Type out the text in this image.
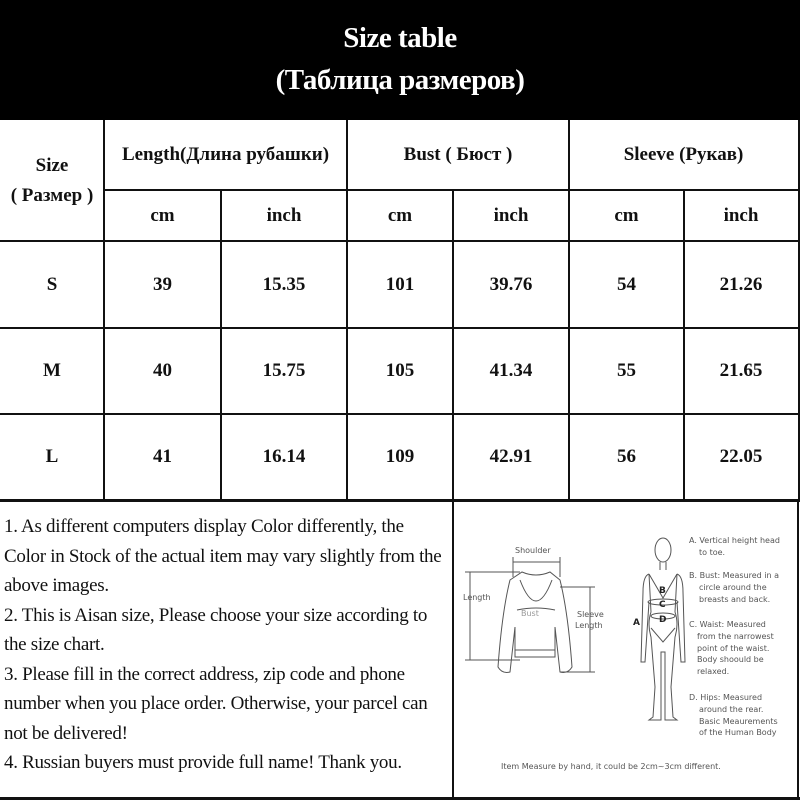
Size table
(Таблица размеров)
Size
( Размер )
Length(Длина рубашки)	Bust ( Бюст )	Sleeve (Рукав)
cm	inch	cm	inch	cm	inch
S	39	15.35	101	39.76	54	21.26
M	40	15.75	105	41.34	55	21.65
L	41	16.14	109	42.91	56	22.05
1. As different computers display Color differently, the Color in Stock of the actual item may vary slightly from the above images.
2. This is Aisan size, Please choose your size according to the size chart.
3. Please fill in the correct address, zip code and phone number when you place order. Otherwise, your parcel can not be delivered!
4. Russian buyers must provide full name! Thank you.
Shoulder
Length
Bust	Sleeve
Length
B
C
D
A
A. Vertical height head
to toe.
B. Bust: Measured in a
circle around the
breasts and back.
C. Waist: Measured
from the narrowest
point of the waist.
Body shoould be
relaxed.
D. Hips: Measured
around the rear.
Basic Meaurements
of the Human Body
Item Measure by hand, it could be 2cm~3cm different.
